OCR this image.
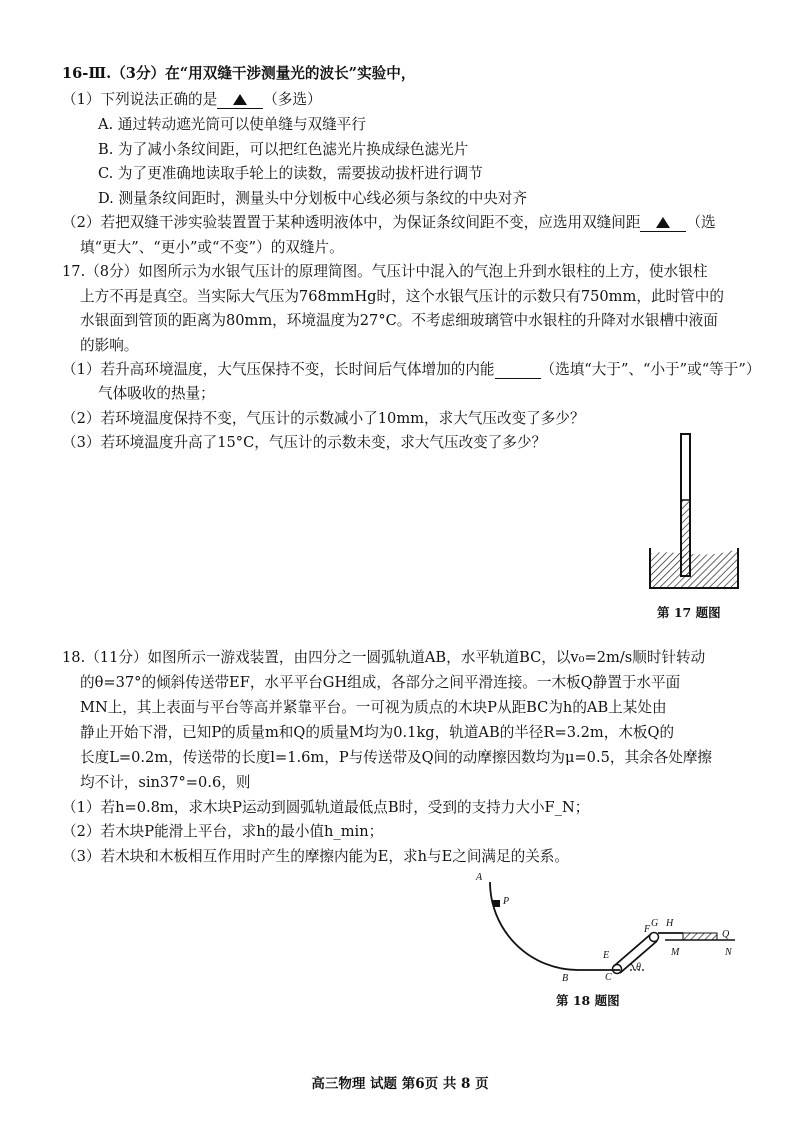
16-Ⅲ.（3分）在“用双缝干涉测量光的波长”实验中，
（1）下列说法正确的是	（多选）
A. 通过转动遮光筒可以使单缝与双缝平行
B. 为了减小条纹间距，可以把红色滤光片换成绿色滤光片
C. 为了更准确地读取手轮上的读数，需要拔动拔杆进行调节
D. 测量条纹间距时，测量头中分划板中心线必须与条纹的中央对齐
（2）若把双缝干涉实验装置置于某种透明液体中，为保证条纹间距不变，应选用双缝间距	（选
填“更大”、“更小”或“不变”）的双缝片。
17.（8分）如图所示为水银气压计的原理简图。气压计中混入的气泡上升到水银柱的上方，使水银柱
上方不再是真空。当实际大气压为768mmHg时，这个水银气压计的示数只有750mm，此时管中的
水银面到管顶的距离为80mm，环境温度为27°C。不考虑细玻璃管中水银柱的升降对水银槽中液面
的影响。
（1）若升高环境温度，大气压保持不变，长时间后气体增加的内能	（选填“大于”、“小于”或“等于”）
气体吸收的热量；
（2）若环境温度保持不变，气压计的示数减小了10mm，求大气压改变了多少？
（3）若环境温度升高了15°C，气压计的示数未变，求大气压改变了多少？
第 17 题图
18.（11分）如图所示一游戏装置，由四分之一圆弧轨道AB，水平轨道BC，以v₀=2m/s顺时针转动
的θ=37°的倾斜传送带EF，水平平台GH组成，各部分之间平滑连接。一木板Q静置于水平面
MN上，其上表面与平台等高并紧靠平台。一可视为质点的木块P从距BC为h的AB上某处由
静止开始下滑，已知P的质量m和Q的质量M均为0.1kg，轨道AB的半径R=3.2m，木板Q的
长度L=0.2m，传送带的长度l=1.6m，P与传送带及Q间的动摩擦因数均为μ=0.5，其余各处摩擦
均不计，sin37°=0.6，则
（1）若h=0.8m，求木块P运动到圆弧轨道最低点B时，受到的支持力大小F_N；
（2）若木块P能滑上平台，求h的最小值h_min；
（3）若木块和木板相互作用时产生的摩擦内能为E，求h与E之间满足的关系。
A
P
B
E
C
θ
F
G H
Q
M	N
第 18 题图
高三物理 试题 第6页 共 8 页
